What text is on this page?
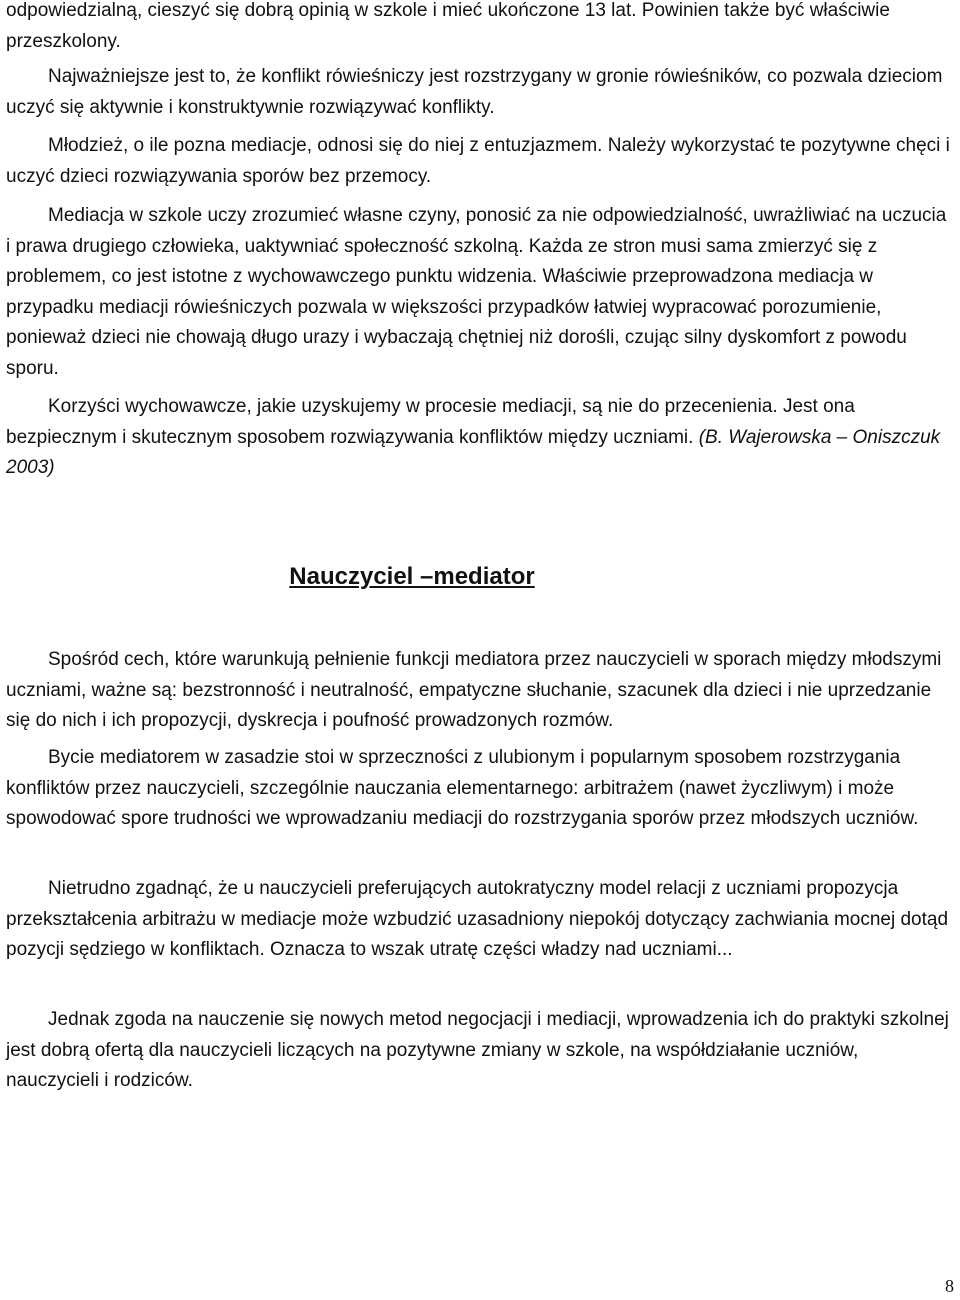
odpowiedzialną, cieszyć się dobrą opinią w szkole i mieć ukończone 13 lat. Powinien także być właściwie przeszkolony.

Najważniejsze jest to, że konflikt rówieśniczy jest rozstrzygany w gronie rówieśników, co pozwala dzieciom uczyć się aktywnie i konstruktywnie rozwiązywać konflikty.

Młodzież, o ile pozna mediacje, odnosi się do niej z entuzjazmem. Należy wykorzystać te pozytywne chęci i uczyć dzieci rozwiązywania sporów bez przemocy.

Mediacja w szkole uczy zrozumieć własne czyny, ponosić za nie odpowiedzialność, uwrażliwiać na uczucia i prawa drugiego człowieka, uaktywniać społeczność szkolną. Każda ze stron musi sama zmierzyć się z problemem, co jest istotne z wychowawczego punktu widzenia. Właściwie przeprowadzona mediacja w przypadku mediacji rówieśniczych pozwala w większości przypadków łatwiej wypracować porozumienie, ponieważ dzieci nie chowają długo urazy i wybaczają chętniej niż dorośli, czując silny dyskomfort z powodu sporu.

Korzyści wychowawcze, jakie uzyskujemy w procesie mediacji, są nie do przecenienia. Jest ona bezpiecznym i skutecznym sposobem rozwiązywania konfliktów między uczniami. (B. Wajerowska – Oniszczuk 2003)

Nauczyciel –mediator

Spośród cech, które warunkują pełnienie funkcji mediatora przez nauczycieli w sporach między młodszymi uczniami, ważne są: bezstronność i neutralność, empatyczne słuchanie, szacunek dla dzieci i nie uprzedzanie się do nich i ich propozycji, dyskrecja i poufność prowadzonych rozmów.

Bycie mediatorem w zasadzie stoi w sprzeczności z ulubionym i popularnym sposobem rozstrzygania konfliktów przez nauczycieli, szczególnie nauczania elementarnego: arbitrażem (nawet życzliwym) i może spowodować spore trudności we wprowadzaniu mediacji do rozstrzygania sporów przez młodszych uczniów.

Nietrudno zgadnąć, że u nauczycieli preferujących autokratyczny model relacji z uczniami propozycja przekształcenia arbitrażu w mediacje może wzbudzić uzasadniony niepokój dotyczący zachwiania mocnej dotąd pozycji sędziego w konfliktach. Oznacza to wszak utratę części władzy nad uczniami...

Jednak zgoda na nauczenie się nowych metod negocjacji i mediacji, wprowadzenia ich do praktyki szkolnej jest dobrą ofertą dla nauczycieli liczących na pozytywne zmiany w szkole, na współdziałanie uczniów, nauczycieli i rodziców.

8
